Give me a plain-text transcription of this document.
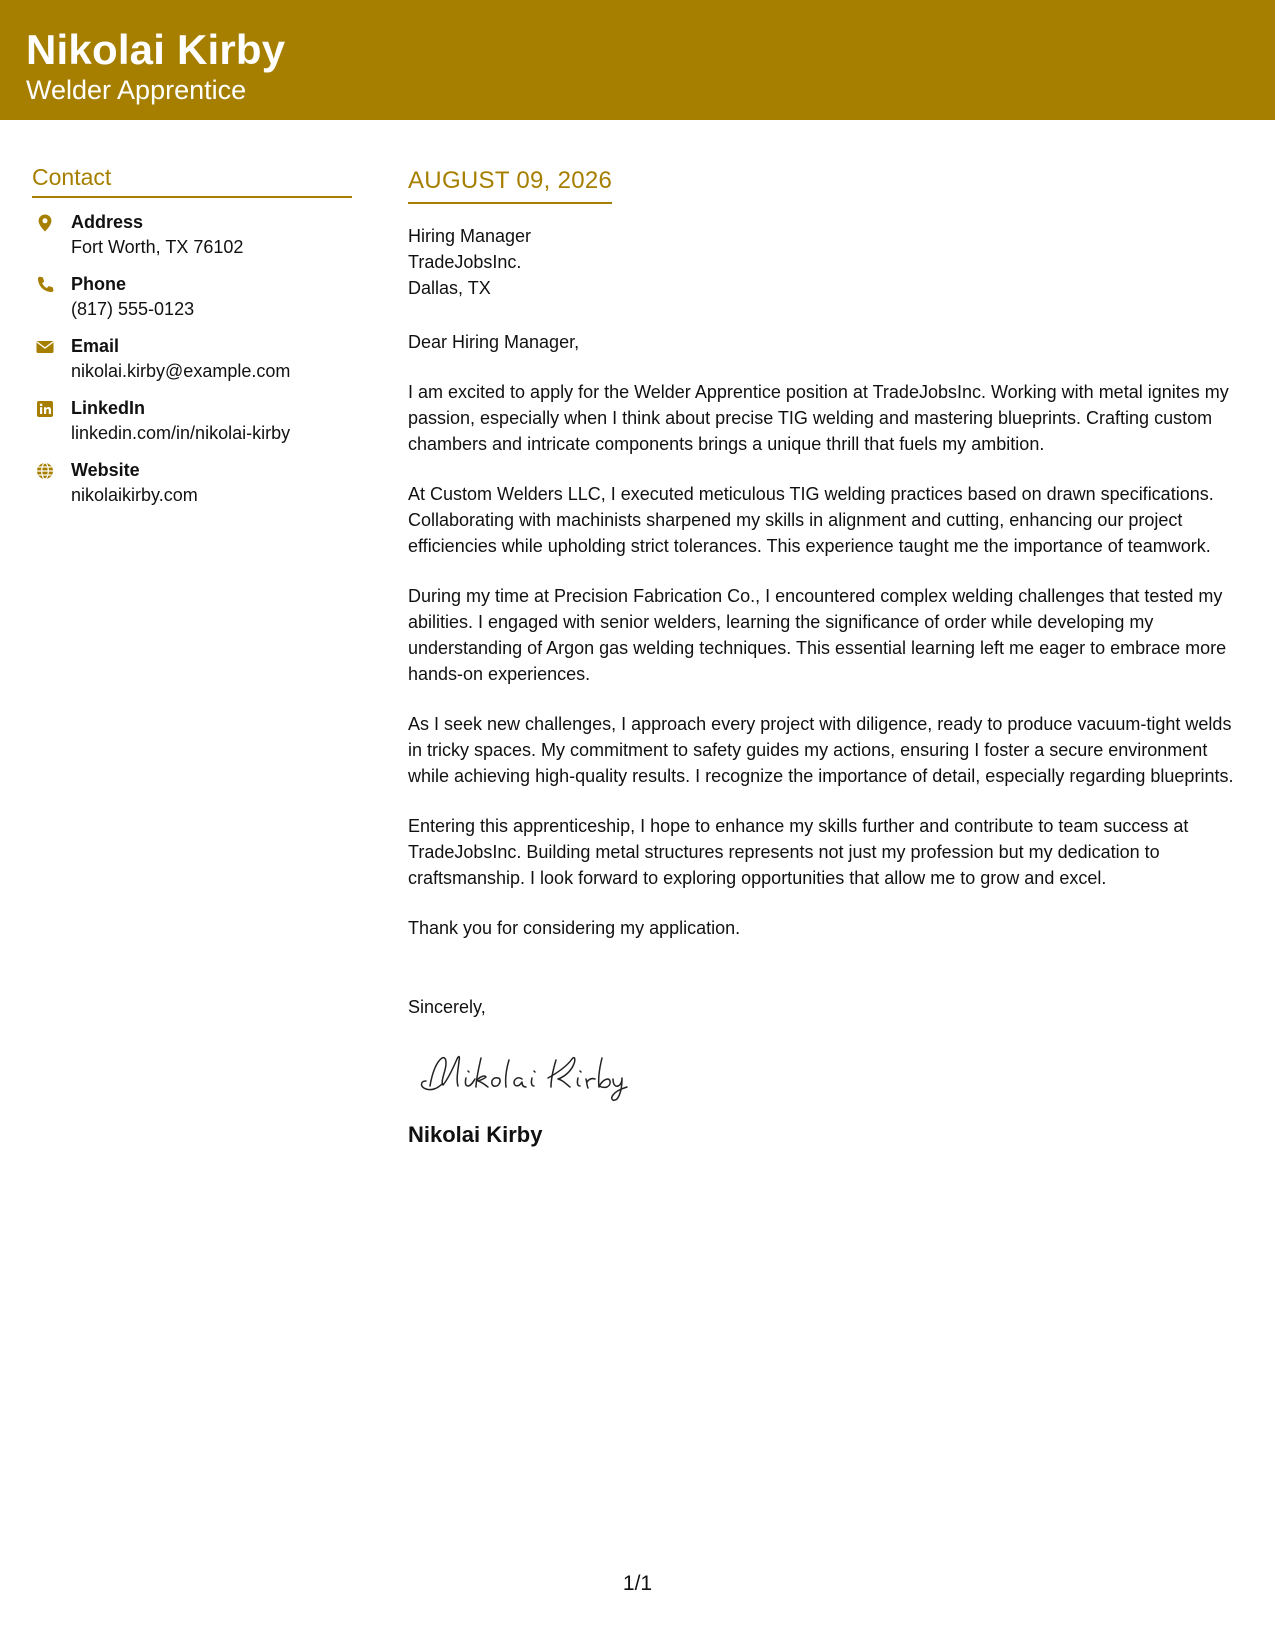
Nikolai Kirby
Welder Apprentice
Contact
Address
Fort Worth, TX 76102
Phone
(817) 555-0123
Email
nikolai.kirby@example.com
LinkedIn
linkedin.com/in/nikolai-kirby
Website
nikolaikirby.com
AUGUST 09, 2026
Hiring Manager
TradeJobsInc.
Dallas, TX
Dear Hiring Manager,
I am excited to apply for the Welder Apprentice position at TradeJobsInc. Working with metal ignites my passion, especially when I think about precise TIG welding and mastering blueprints. Crafting custom chambers and intricate components brings a unique thrill that fuels my ambition.
At Custom Welders LLC, I executed meticulous TIG welding practices based on drawn specifications. Collaborating with machinists sharpened my skills in alignment and cutting, enhancing our project efficiencies while upholding strict tolerances. This experience taught me the importance of teamwork.
During my time at Precision Fabrication Co., I encountered complex welding challenges that tested my abilities. I engaged with senior welders, learning the significance of order while developing my understanding of Argon gas welding techniques. This essential learning left me eager to embrace more hands-on experiences.
As I seek new challenges, I approach every project with diligence, ready to produce vacuum-tight welds in tricky spaces. My commitment to safety guides my actions, ensuring I foster a secure environment while achieving high-quality results. I recognize the importance of detail, especially regarding blueprints.
Entering this apprenticeship, I hope to enhance my skills further and contribute to team success at TradeJobsInc. Building metal structures represents not just my profession but my dedication to craftsmanship. I look forward to exploring opportunities that allow me to grow and excel.
Thank you for considering my application.
Sincerely,
Nikolai Kirby
1/1
